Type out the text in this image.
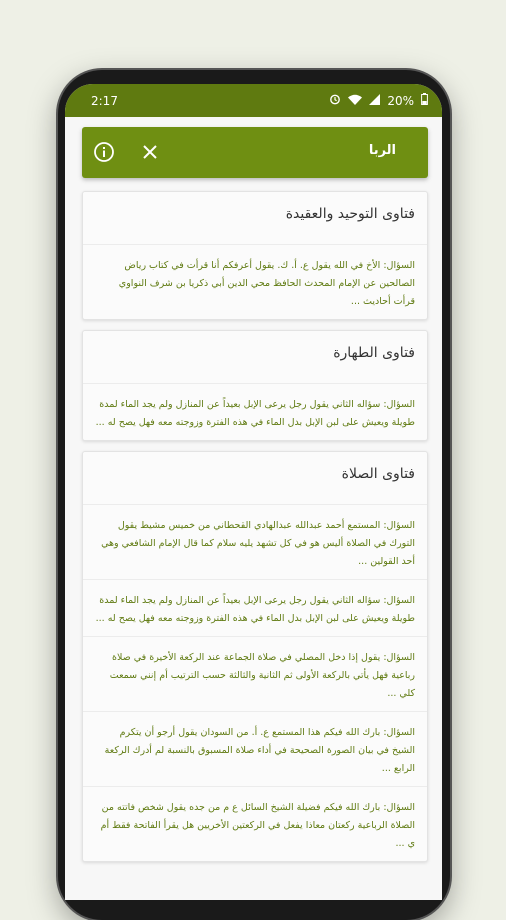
2:17	20%
الربا
فتاوى التوحيد والعقيدة
السؤال: الأخ في الله يقول ع. أ. ك. يقول أعرفكم أنا قرأت في كتاب رياض الصالحين عن الإمام المحدث الحافظ محي الدين أبي ذكريا بن شرف النواوي قرأت أحاديث ...
فتاوى الطهارة
السؤال: سؤاله الثاني يقول رجل يرعى الإبل بعيداً عن المنازل ولم يجد الماء لمدة طويلة ويعيش على لبن الإبل بدل الماء في هذه الفترة وزوجته معه فهل يصح له ...
فتاوى الصلاة
السؤال: المستمع أحمد عبدالله عبدالهادي القحطاني من خميس مشيط يقول التورك في الصلاة أليس هو في كل تشهد يليه سلام كما قال الإمام الشافعي وهي أحد القولين ...
السؤال: سؤاله الثاني يقول رجل يرعى الإبل بعيداً عن المنازل ولم يجد الماء لمدة طويلة ويعيش على لبن الإبل بدل الماء في هذه الفترة وزوجته معه فهل يصح له ...
السؤال: يقول إذا دخل المصلي في صلاة الجماعة عند الركعة الأخيرة في صلاة رباعية فهل يأتي بالركعة الأولى ثم الثانية والثالثة حسب الترتيب أم إنني سمعت كلي ...
السؤال: بارك الله فيكم هذا المستمع ع. أ. من السودان يقول أرجو أن يتكرم الشيخ في بيان الصورة الصحيحة في أداء صلاة المسبوق بالنسبة لم أدرك الركعة الرابع ...
السؤال: بارك الله فيكم فضيلة الشيخ السائل ع م من جده يقول شخص فاتته من الصلاة الرباعية ركعتان معاذا يفعل في الركعتين الأخريين هل يقرأ الفاتحة فقط أم ي ...
